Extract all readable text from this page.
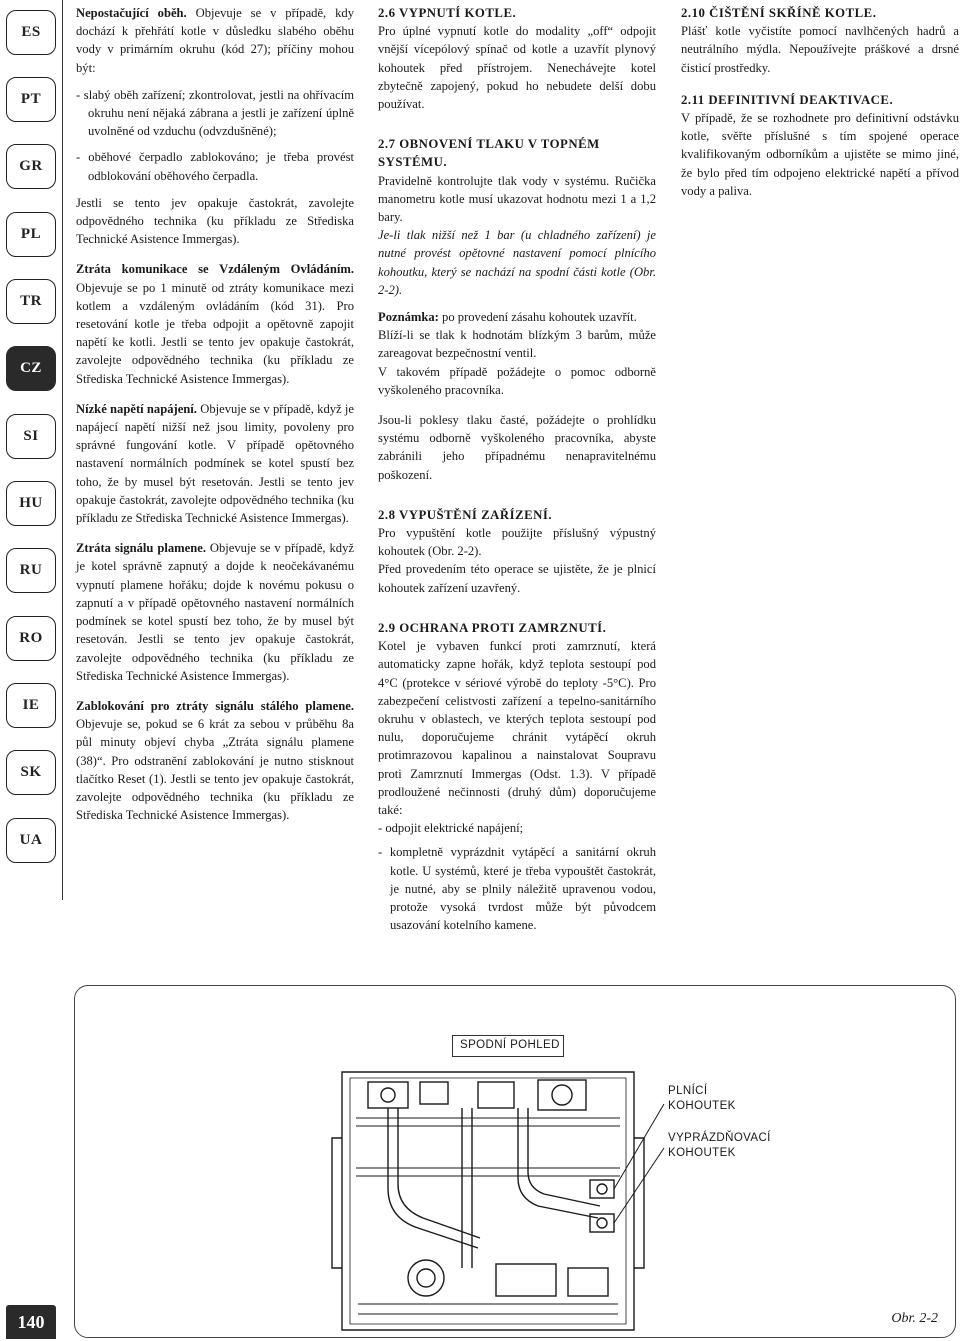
ES
PT
GR
PL
TR
CZ
SI
HU
RU
RO
IE
SK
UA
140

Nepostačující oběh. Objevuje se v případě, kdy dochází k přehřátí kotle v důsledku slabého oběhu vody v primárním okruhu (kód 27); příčiny mohou být:

- slabý oběh zařízení; zkontrolovat, jestli na ohřívacím okruhu není nějaká zábrana a jestli je zařízení úplně uvolněné od vzduchu (odvzdušněné);

- oběhové čerpadlo zablokováno; je třeba provést odblokování oběhového čerpadla.

Jestli se tento jev opakuje častokrát, zavolejte odpovědného technika (ku příkladu ze Střediska Technické Asistence Immergas).

Ztráta komunikace se Vzdáleným Ovládáním. Objevuje se po 1 minutě od ztráty komunikace mezi kotlem a vzdáleným ovládáním (kód 31). Pro resetování kotle je třeba odpojit a opětovně zapojit napětí ke kotli. Jestli se tento jev opakuje častokrát, zavolejte odpovědného technika (ku příkladu ze Střediska Technické Asistence Immergas).

Nízké napětí napájení. Objevuje se v případě, když je napájecí napětí nižší než jsou limity, povoleny pro správné fungování kotle. V případě opětovného nastavení normálních podmínek se kotel spustí bez toho, že by musel být resetován. Jestli se tento jev opakuje častokrát, zavolejte odpovědného technika (ku příkladu ze Střediska Technické Asistence Immergas).

Ztráta signálu plamene. Objevuje se v případě, když je kotel správně zapnutý a dojde k neočekávanému vypnutí plamene hořáku; dojde k novému pokusu o zapnutí a v případě opětovného nastavení normálních podmínek se kotel spustí bez toho, že by musel být resetován. Jestli se tento jev opakuje častokrát, zavolejte odpovědného technika (ku příkladu ze Střediska Technické Asistence Immergas).

Zablokování pro ztráty signálu stálého plamene. Objevuje se, pokud se 6 krát za sebou v průběhu 8a půl minuty objeví chyba „Ztráta signálu plamene (38)“. Pro odstranění zablokování je nutno stisknout tlačítko Reset (1). Jestli se tento jev opakuje častokrát, zavolejte odpovědného technika (ku příkladu ze Střediska Technické Asistence Immergas).

2.6 VYPNUTÍ KOTLE.

Pro úplné vypnutí kotle do modality „off“ odpojit vnější vícepólový spínač od kotle a uzavřít plynový kohoutek před přístrojem. Nenechávejte kotel zbytečně zapojený, pokud ho nebudete delší dobu používat.

2.7 OBNOVENÍ TLAKU V TOPNÉM SYSTÉMU.

Pravidelně kontrolujte tlak vody v systému. Ručička manometru kotle musí ukazovat hodnotu mezi 1 a 1,2 bary.

Je-li tlak nižší než 1 bar (u chladného zařízení) je nutné provést opětovné nastavení pomocí plnícího kohoutku, který se nachází na spodní části kotle (Obr. 2-2).

Poznámka: po provedení zásahu kohoutek uzavřít.

Blíží-li se tlak k hodnotám blízkým 3 barům, může zareagovat bezpečnostní ventil.

V takovém případě požádejte o pomoc odborně vyškoleného pracovníka.

Jsou-li poklesy tlaku časté, požádejte o prohlídku systému odborně vyškoleného pracovníka, abyste zabránili jeho případnému nenapravitelnému poškození.

2.8 VYPUŠTĚNÍ ZAŘÍZENÍ.

Pro vypuštění kotle použijte příslušný výpustný kohoutek (Obr. 2-2).

Před provedením této operace se ujistěte, že je plnicí kohoutek zařízení uzavřený.

2.9 OCHRANA PROTI ZAMRZNUTÍ.

Kotel je vybaven funkcí proti zamrznutí, která automaticky zapne hořák, když teplota sestoupí pod 4°C (protekce v sériové výrobě do teploty -5°C). Pro zabezpečení celistvosti zařízení a tepelno-sanitárního okruhu v oblastech, ve kterých teplota sestoupí pod nulu, doporučujeme chránit vytápěcí okruh protimrazovou kapalinou a nainstalovat Soupravu proti Zamrznutí Immergas (Odst. 1.3). V případě prodloužené nečinnosti (druhý dům) doporučujeme také:

- odpojit elektrické napájení;

- kompletně vyprázdnit vytápěcí a sanitární okruh kotle. U systémů, které je třeba vypouštět častokrát, je nutné, aby se plnily náležitě upravenou vodou, protože vysoká tvrdost může být původcem usazování kotelního kamene.

2.10 ČIŠTĚNÍ SKŘÍNĚ KOTLE.

Plášť kotle vyčistíte pomocí navlhčených hadrů a neutrálního mýdla. Nepoužívejte práškové a drsné čisticí prostředky.

2.11 DEFINITIVNÍ DEAKTIVACE.

V případě, že se rozhodnete pro definitivní odstávku kotle, svěřte příslušné s tím spojené operace kvalifikovaným odborníkům a ujistěte se mimo jiné, že bylo před tím odpojeno elektrické napětí a přívod vody a paliva.

SPODNÍ POHLED
PLNÍCÍ
KOHOUTEK
VYPRÁZDŇOVACÍ
KOHOUTEK
Obr. 2-2
